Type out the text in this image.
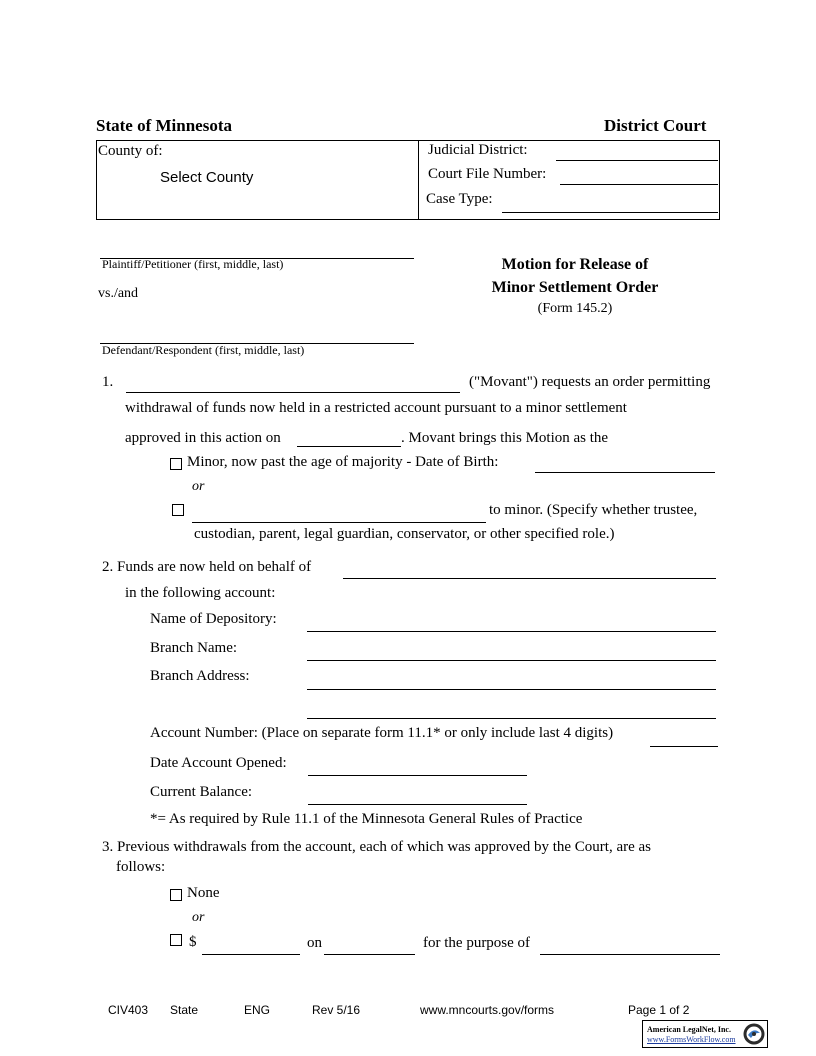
State of Minnesota	District Court
County of:
Select County
Judicial District:
Court File Number:
Case Type:
Plaintiff/Petitioner (first, middle, last)
vs./and
Defendant/Respondent (first, middle, last)
Motion for Release of
Minor Settlement Order
(Form 145.2)
1.	("Movant") requests an order permitting
withdrawal of funds now held in a restricted account pursuant to a minor settlement
approved in this action on	. Movant brings this Motion as the
Minor, now past the age of majority - Date of Birth:
or
to minor. (Specify whether trustee,
custodian, parent, legal guardian, conservator, or other specified role.)
2. Funds are now held on behalf of
in the following account:
Name of Depository:
Branch Name:
Branch Address:
Account Number: (Place on separate form 11.1* or only include last 4 digits)
Date Account Opened:
Current Balance:
*= As required by Rule 11.1 of the Minnesota General Rules of Practice
3. Previous withdrawals from the account, each of which was approved by the Court, are as
follows:
None
or
$	on	for the purpose of
CIV403 State	ENG	Rev 5/16	www.mncourts.gov/forms	Page 1 of 2
American LegalNet, Inc.
www.FormsWorkFlow.com
